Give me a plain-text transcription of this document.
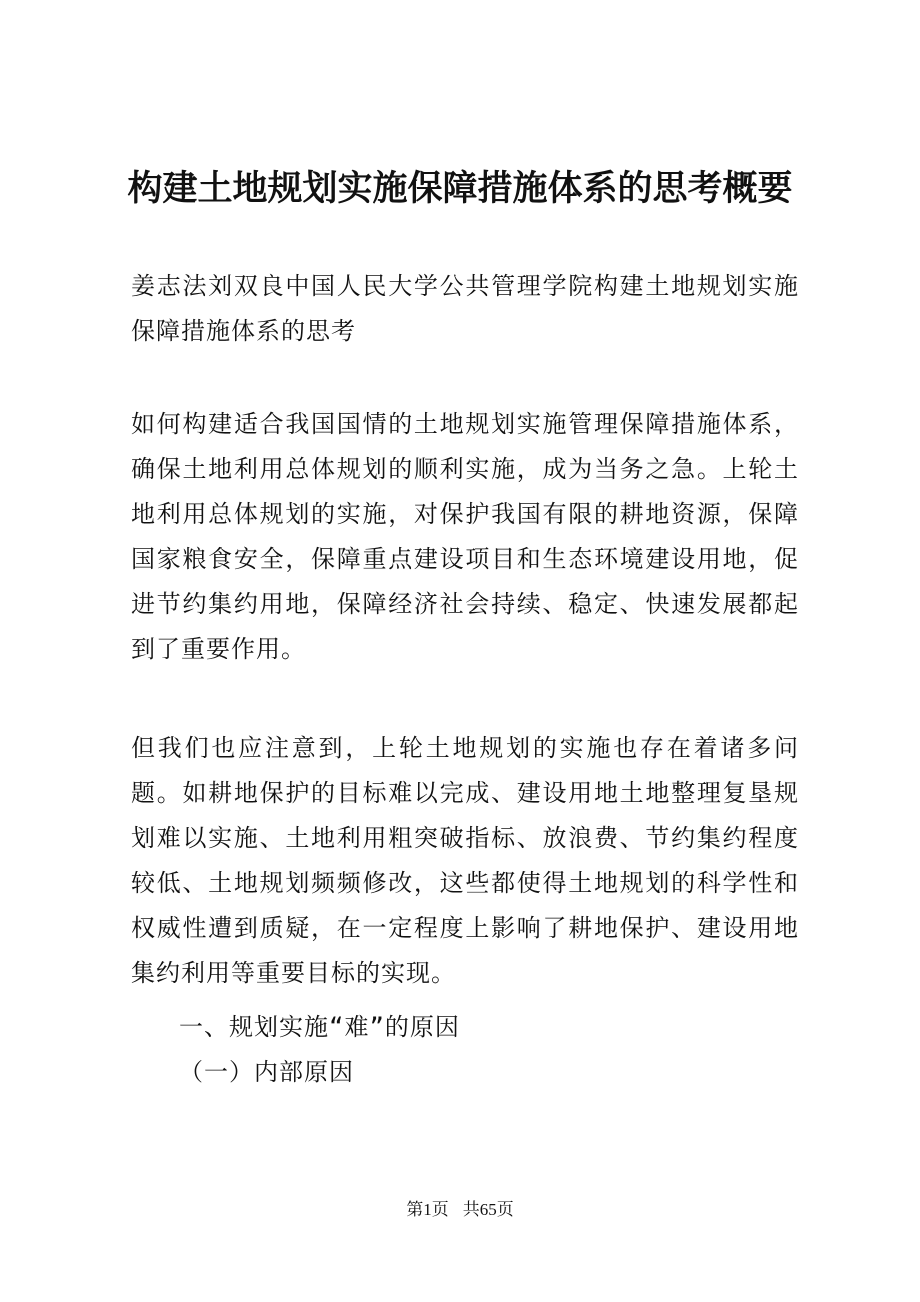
构建土地规划实施保障措施体系的思考概要
姜志法刘双良中国人民大学公共管理学院构建土地规划实施保障措施体系的思考
如何构建适合我国国情的土地规划实施管理保障措施体系，确保土地利用总体规划的顺利实施，成为当务之急。上轮土地利用总体规划的实施，对保护我国有限的耕地资源，保障国家粮食安全，保障重点建设项目和生态环境建设用地，促进节约集约用地，保障经济社会持续、稳定、快速发展都起到了重要作用。
但我们也应注意到，上轮土地规划的实施也存在着诸多问题。如耕地保护的目标难以完成、建设用地土地整理复垦规划难以实施、土地利用粗突破指标、放浪费、节约集约程度较低、土地规划频频修改，这些都使得土地规划的科学性和权威性遭到质疑，在一定程度上影响了耕地保护、建设用地集约利用等重要目标的实现。
一、规划实施“难”的原因
（一）内部原因
第1页 共65页
